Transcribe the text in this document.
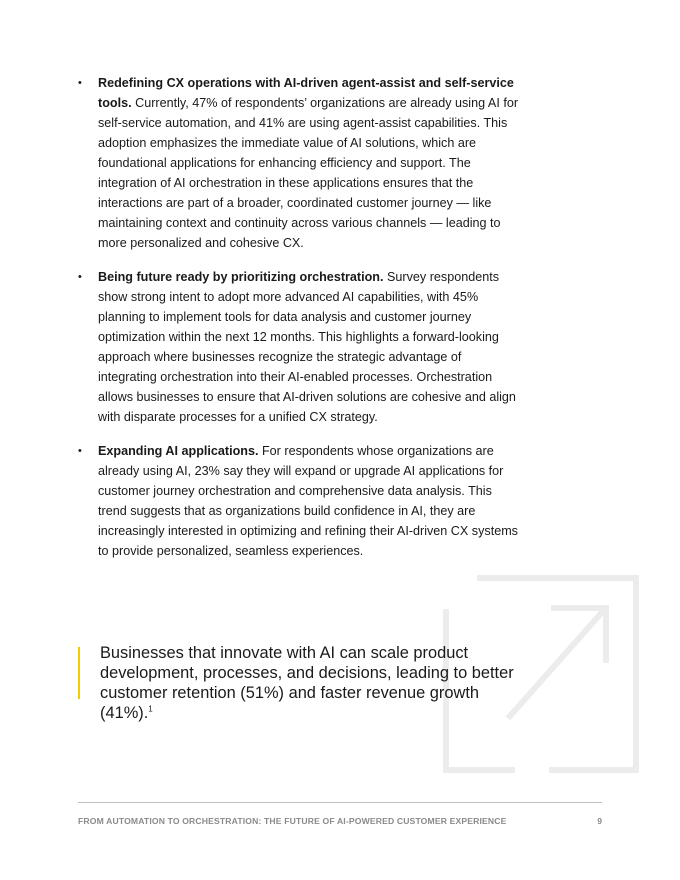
• Redefining CX operations with AI-driven agent-assist and self-service tools. Currently, 47% of respondents’ organizations are already using AI for self-service automation, and 41% are using agent-assist capabilities. This adoption emphasizes the immediate value of AI solutions, which are foundational applications for enhancing efficiency and support. The integration of AI orchestration in these applications ensures that the interactions are part of a broader, coordinated customer journey — like maintaining context and continuity across various channels — leading to more personalized and cohesive CX.
• Being future ready by prioritizing orchestration. Survey respondents show strong intent to adopt more advanced AI capabilities, with 45% planning to implement tools for data analysis and customer journey optimization within the next 12 months. This highlights a forward-looking approach where businesses recognize the strategic advantage of integrating orchestration into their AI-enabled processes. Orchestration allows businesses to ensure that AI-driven solutions are cohesive and align with disparate processes for a unified CX strategy.
• Expanding AI applications. For respondents whose organizations are already using AI, 23% say they will expand or upgrade AI applications for customer journey orchestration and comprehensive data analysis. This trend suggests that as organizations build confidence in AI, they are increasingly interested in optimizing and refining their AI-driven CX systems to provide personalized, seamless experiences.
Businesses that innovate with AI can scale product development, processes, and decisions, leading to better customer retention (51%) and faster revenue growth (41%).$^1$
FROM AUTOMATION TO ORCHESTRATION: THE FUTURE OF AI-POWERED CUSTOMER EXPERIENCE	9
